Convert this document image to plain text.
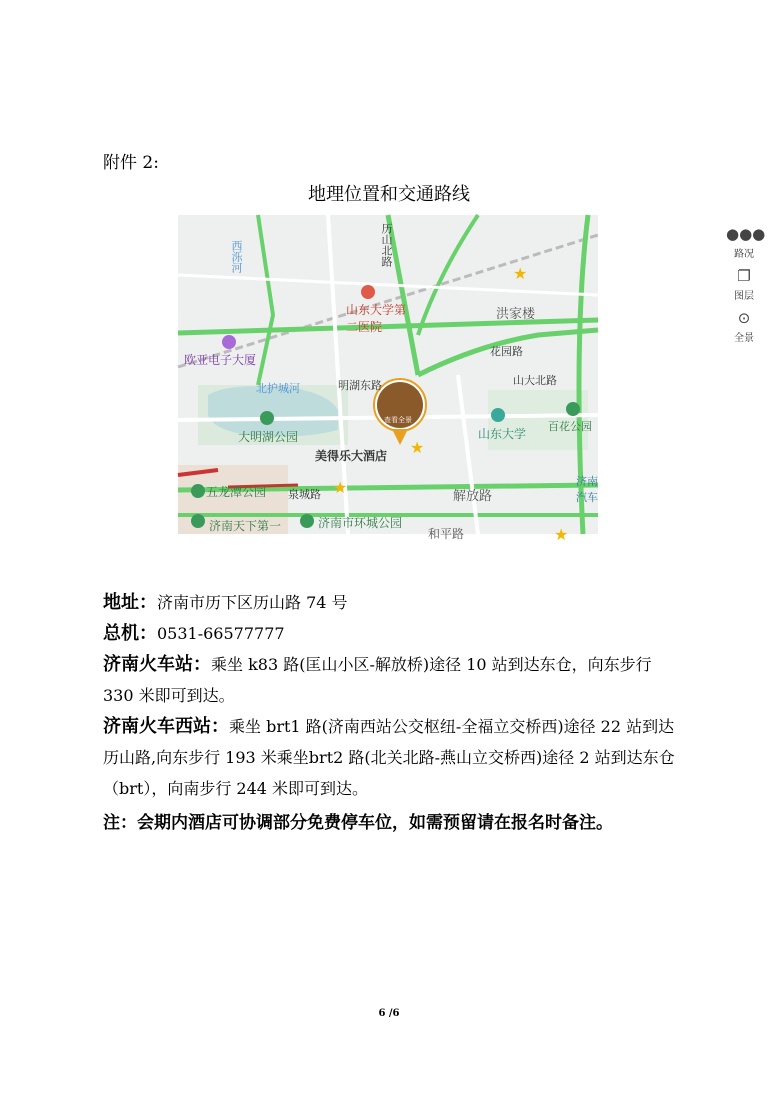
附件 2:
地理位置和交通路线
★
★
★
★
西泺河	历山北路
山东大学第二医院
洪家楼
欧亚电子大厦
花园路
山大北路
北护城河	明湖东路
大明湖公园	山东大学
百花公园
美得乐大酒店
查看全景
五龙潭公园 泉城路	解放路
济南汽车
济南天下第一	济南市环城公园
和平路
●●●
路况
❐
图层
⊙
全景
地址：济南市历下区历山路 74 号
总机：0531-66577777
济南火车站：乘坐 k83 路(匡山小区-解放桥)途径 10 站到达东仓，向东步行 330 米即可到达。
济南火车西站：乘坐 brt1 路(济南西站公交枢纽-全福立交桥西)途径 22 站到达历山路,向东步行 193 米乘坐brt2 路(北关北路-燕山立交桥西)途径 2 站到达东仓（brt），向南步行 244 米即可到达。
注：会期内酒店可协调部分免费停车位，如需预留请在报名时备注。
6 /6
